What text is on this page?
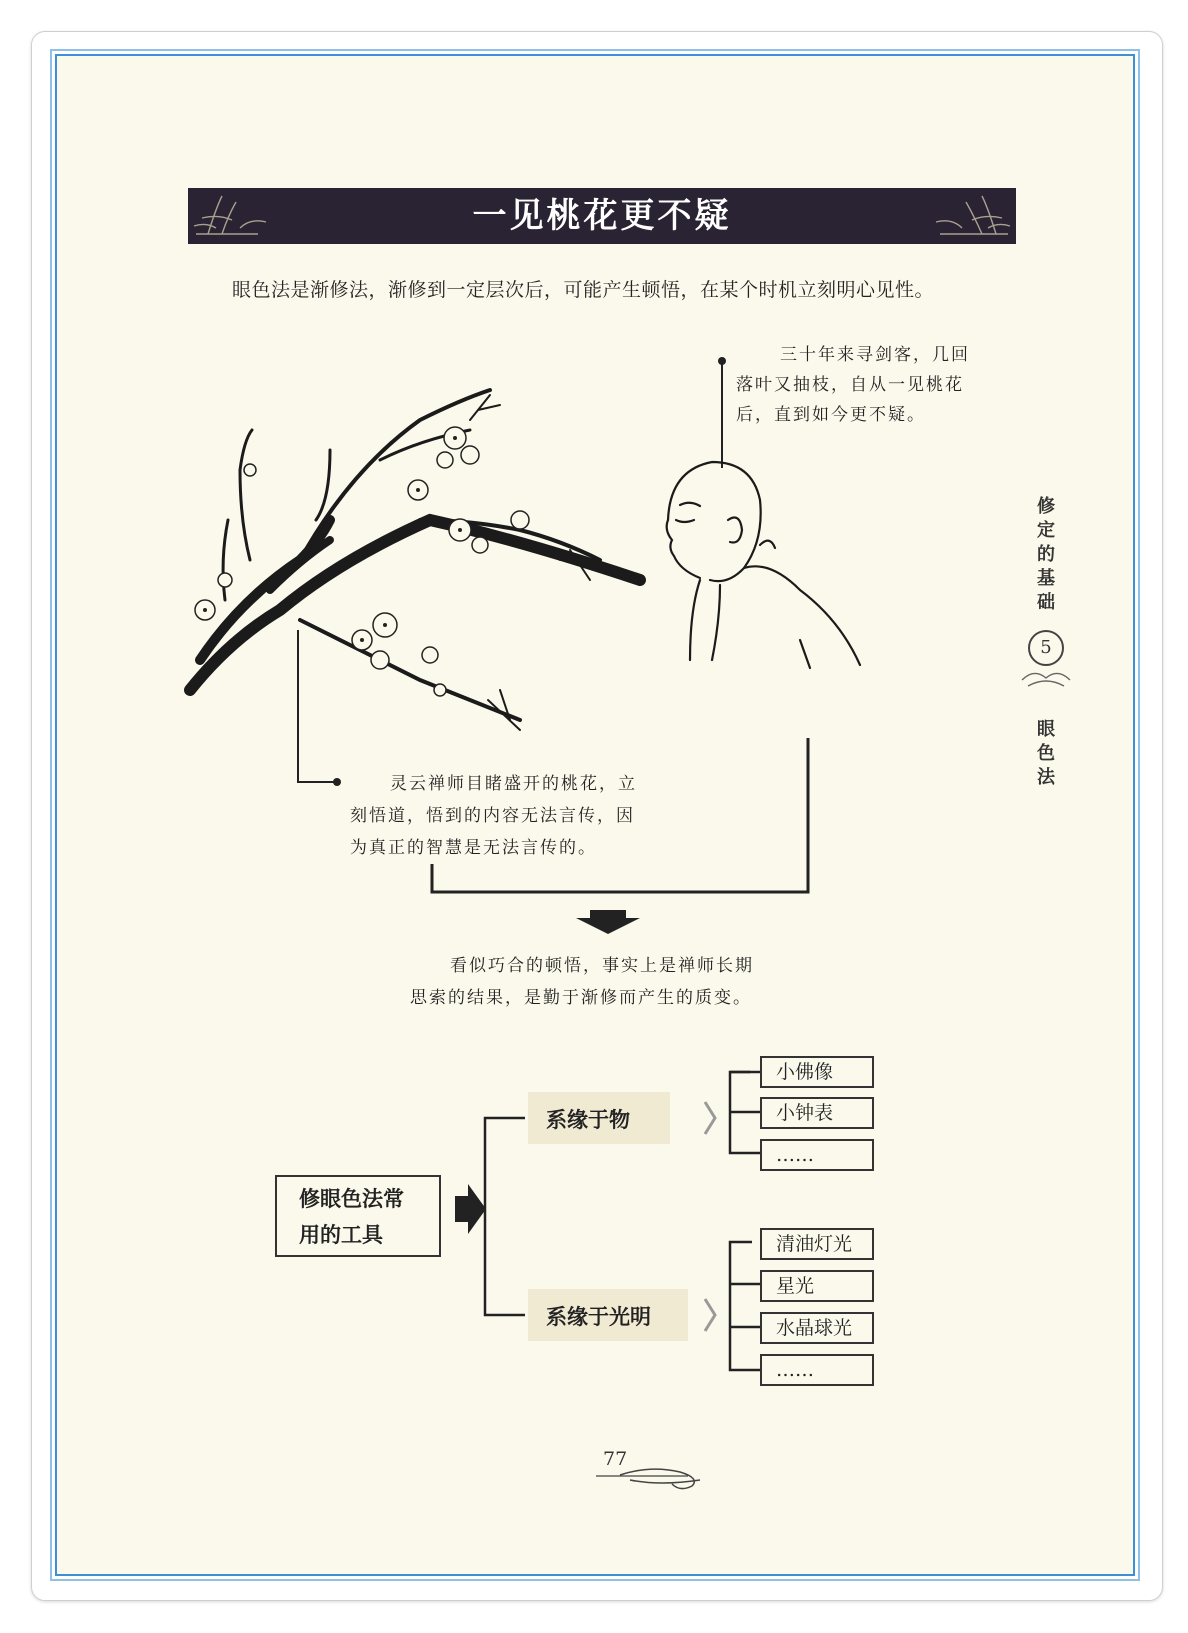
一见桃花更不疑
眼色法是渐修法，渐修到一定层次后，可能产生顿悟，在某个时机立刻明心见性。
三十年来寻剑客，几回
落叶又抽枝，自从一见桃花
后，直到如今更不疑。
灵云禅师目睹盛开的桃花，立
刻悟道，悟到的内容无法言传，因
为真正的智慧是无法言传的。
看似巧合的顿悟，事实上是禅师长期
思索的结果，是勤于渐修而产生的质变。
修定的基础
5
眼色法
修眼色法常
用的工具
系缘于物
系缘于光明
小佛像
小钟表
……
清油灯光
星光
水晶球光
……
77
